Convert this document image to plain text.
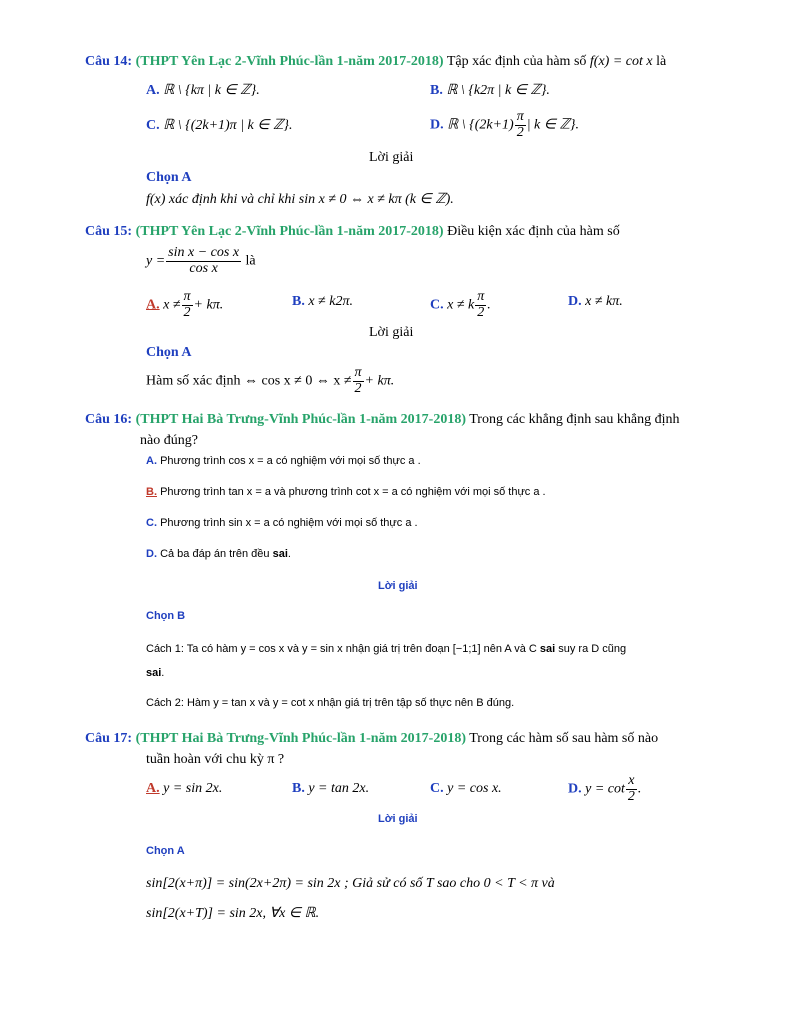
Câu 14: (THPT Yên Lạc 2-Vĩnh Phúc-lần 1-năm 2017-2018) Tập xác định của hàm số f(x) = cot x là
A. ℝ \ {kπ | k ∈ ℤ}.	B. ℝ \ {k2π | k ∈ ℤ}.
C. ℝ \ {(2k+1)π | k ∈ ℤ}.	D. ℝ \ {$(2k+1) \frac{\pi}{2}$ | k ∈ ℤ}.
Lời giải
Chọn A
f(x) xác định khi và chỉ khi sin x ≠ 0 ⇔ x ≠ kπ (k ∈ ℤ).
Câu 15: (THPT Yên Lạc 2-Vĩnh Phúc-lần 1-năm 2017-2018) Điều kiện xác định của hàm số
$y = \frac{\text{sin x − cos x}}{\text{cos x}}$ là
A. $x \ne \frac{\pi}{2} + k\pi$.	B. x ≠ k2π.	C. x ≠ k $\frac{\pi}{2}$ .	D. x ≠ kπ.
Lời giải
Chọn A
Hàm số xác định ⇔ cos x ≠ 0 ⇔ $x \ne \frac{\pi}{2} + k\pi$.
Câu 16: (THPT Hai Bà Trưng-Vĩnh Phúc-lần 1-năm 2017-2018) Trong các khẳng định sau khẳng định
nào đúng?
A. Phương trình cos x = a có nghiệm với mọi số thực a .
B. Phương trình tan x = a và phương trình cot x = a có nghiệm với mọi số thực a .
C. Phương trình sin x = a có nghiệm với mọi số thực a .
D. Cả ba đáp án trên đều sai.
Lời giải
Chọn B
Cách 1: Ta có hàm y = cos x và y = sin x nhận giá trị trên đoạn [−1;1] nên A và C sai suy ra D cũng
sai.
Cách 2: Hàm y = tan x và y = cot x nhận giá trị trên tập số thực nên B đúng.
Câu 17: (THPT Hai Bà Trưng-Vĩnh Phúc-lần 1-năm 2017-2018) Trong các hàm số sau hàm số nào
tuần hoàn với chu kỳ π ?
A. y = sin 2x.	B. y = tan 2x.	C. y = cos x.	D. $y = \cot \frac{x}{2}$ .
Lời giải
Chọn A
sin[2(x+π)] = sin(2x+2π) = sin 2x ; Giả sử có số T sao cho 0 < T < π và
sin[2(x+T)] = sin 2x, ∀x ∈ ℝ.
